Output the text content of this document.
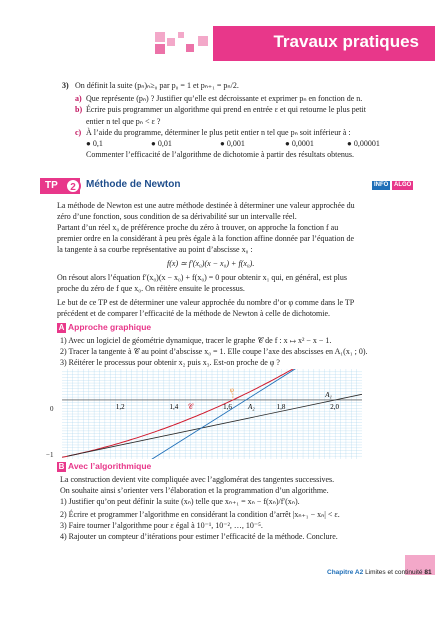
Travaux pratiques
3) On définit la suite (pₙ)ₙ≥₀ par p₀ = 1 et pₙ₊₁ = pₙ/2.
a) Que représente (pₙ) ? Justifier qu’elle est décroissante et exprimer pₙ en fonction de n.
b) Écrire puis programmer un algorithme qui prend en entrée ε et qui retourne le plus petit
entier n tel que pₙ < ε ?
c) À l’aide du programme, déterminer le plus petit entier n tel que pₙ soit inférieur à :
● 0,1	● 0,01	● 0,001	● 0,0001	● 0,00001
Commenter l’efficacité de l’algorithme de dichotomie à partir des résultats obtenus.
TP	2	Méthode de Newton	INFO ALGO
La méthode de Newton est une autre méthode destinée à déterminer une valeur approchée du
zéro d’une fonction, sous condition de sa dérivabilité sur un intervalle réel.
Partant d’un réel x₀ de préférence proche du zéro à trouver, on approche la fonction f au
premier ordre en la considérant à peu près égale à la fonction affine donnée par l’équation de
la tangente à sa courbe représentative au point d’abscisse x₀ :
f(x) ≃ f′(x₀)(x − x₀) + f(x₀).
On résout alors l’équation f′(x₀)(x − x₀) + f(x₀) = 0 pour obtenir x₁ qui, en général, est plus
proche du zéro de f que x₀. On réitère ensuite le processus.
Le but de ce TP est de déterminer une valeur approchée du nombre d’or φ comme dans le TP
précédent et de comparer l’efficacité de la méthode de Newton à celle de dichotomie.
A Approche graphique
1) Avec un logiciel de géométrie dynamique, tracer le graphe 𝒞 de f : x ↦ x² − x − 1.
2) Tracer la tangente à 𝒞 au point d’abscisse x₀ = 1. Elle coupe l’axe des abscisses en A₁(x₁ ; 0).
3) Réitérer le processus pour obtenir x₂ puis x₃. Est-on proche de φ ?
1,2	1,4	1,6	1,8	2,0
A₁
A₂
φ
𝒞
0
−1
B Avec l’algorithmique
La construction devient vite compliquée avec l’agglomérat des tangentes successives.
On souhaite ainsi s’orienter vers l’élaboration et la programmation d’un algorithme.
1) Justifier qu’on peut définir la suite (xₙ) telle que xₙ₊₁ = xₙ − f(xₙ)/f′(xₙ).
2) Écrire et programmer l’algorithme en considérant la condition d’arrêt |xₙ₊₁ − xₙ| < ε.
3) Faire tourner l’algorithme pour ε égal à 10⁻¹, 10⁻², …, 10⁻⁵.
4) Rajouter un compteur d’itérations pour estimer l’efficacité de la méthode. Conclure.
Chapitre A2 Limites et continuité 81
